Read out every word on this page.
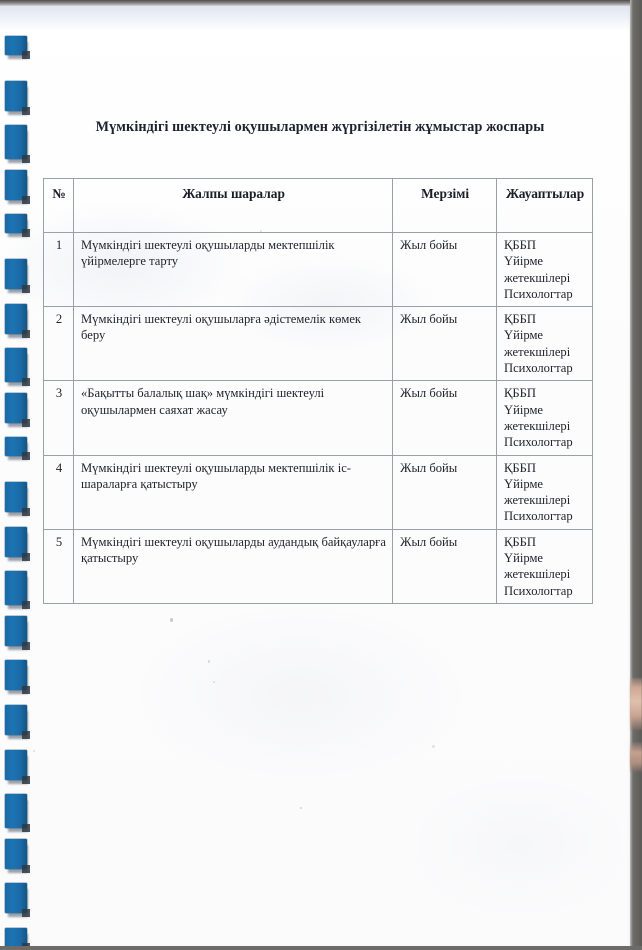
Мүмкіндігі шектеулі оқушылармен жүргізілетін жұмыстар жоспары
№	Жалпы шаралар	Мерзімі	Жауаптылар
1	Мүмкіндігі шектеулі оқушыларды мектепшілік үйірмелерге тарту	Жыл бойы	ҚББП
Үйірме
жетекшілері
Психологтар

2	Мүмкіндігі шектеулі оқушыларға әдістемелік көмек беру	Жыл бойы	ҚББП
Үйірме
жетекшілері
Психологтар

3	«Бақытты балалық шақ» мүмкіндігі шектеулі оқушылармен саяхат жасау	Жыл бойы	ҚББП
Үйірме
жетекшілері
Психологтар

4	Мүмкіндігі шектеулі оқушыларды мектепшілік іс-шараларға қатыстыру	Жыл бойы	ҚББП
Үйірме
жетекшілері
Психологтар

5	Мүмкіндігі шектеулі оқушыларды аудандық байқауларға қатыстыру	Жыл бойы	ҚББП
Үйірме
жетекшілері
Психологтар
